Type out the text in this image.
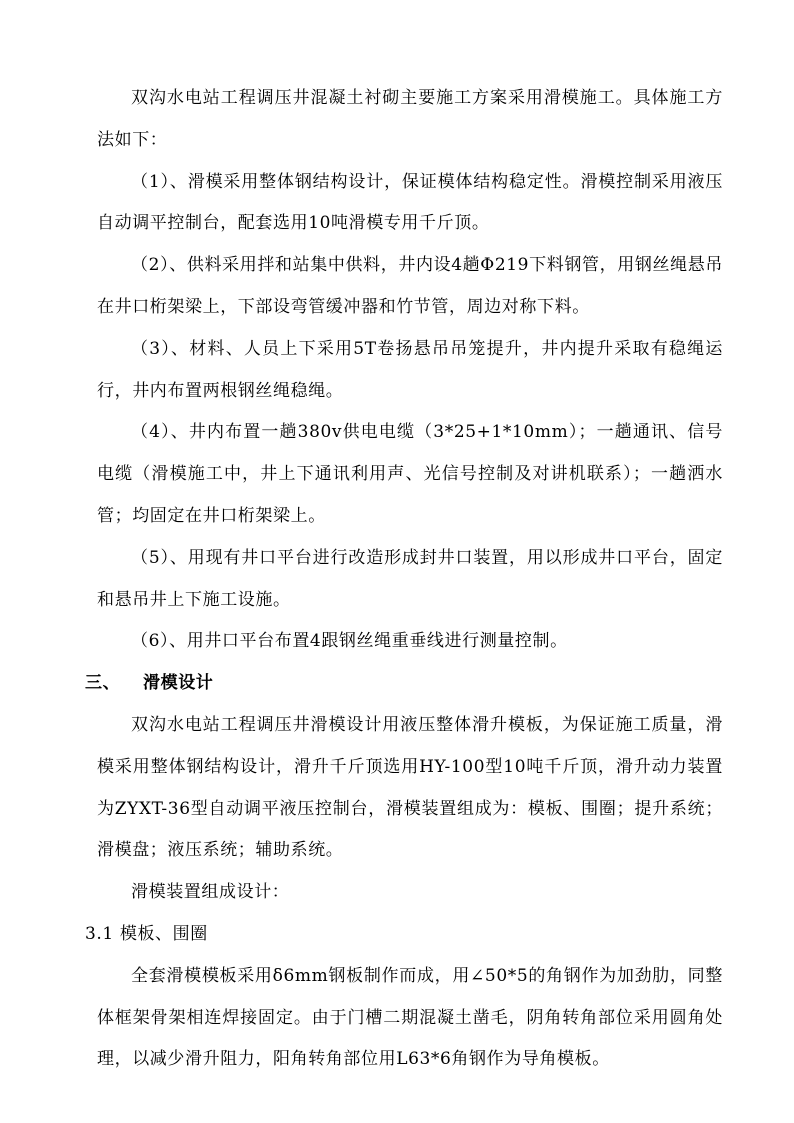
双沟水电站工程调压井混凝土衬砌主要施工方案采用滑模施工。具体施工方法如下：

（1）、滑模采用整体钢结构设计，保证模体结构稳定性。滑模控制采用液压自动调平控制台，配套选用10吨滑模专用千斤顶。

（2）、供料采用拌和站集中供料，井内设4趟Φ219下料钢管，用钢丝绳悬吊在井口桁架梁上，下部设弯管缓冲器和竹节管，周边对称下料。

（3）、材料、人员上下采用5T卷扬悬吊吊笼提升，井内提升采取有稳绳运行，井内布置两根钢丝绳稳绳。

（4）、井内布置一趟380v供电电缆（3*25+1*10mm）；一趟通讯、信号电缆（滑模施工中，井上下通讯利用声、光信号控制及对讲机联系）；一趟洒水管；均固定在井口桁架梁上。

（5）、用现有井口平台进行改造形成封井口装置，用以形成井口平台，固定和悬吊井上下施工设施。

（6）、用井口平台布置4跟钢丝绳重垂线进行测量控制。

三、 滑模设计

双沟水电站工程调压井滑模设计用液压整体滑升模板，为保证施工质量，滑模采用整体钢结构设计，滑升千斤顶选用HY-100型10吨千斤顶，滑升动力装置为ZYXT-36型自动调平液压控制台，滑模装置组成为：模板、围圈；提升系统；滑模盘；液压系统；辅助系统。

滑模装置组成设计：

3.1 模板、围圈

全套滑模模板采用δ6mm钢板制作而成，用∠50*5的角钢作为加劲肋，同整体框架骨架相连焊接固定。由于门槽二期混凝土凿毛，阴角转角部位采用圆角处理，以减少滑升阻力，阳角转角部位用L63*6角钢作为导角模板。
